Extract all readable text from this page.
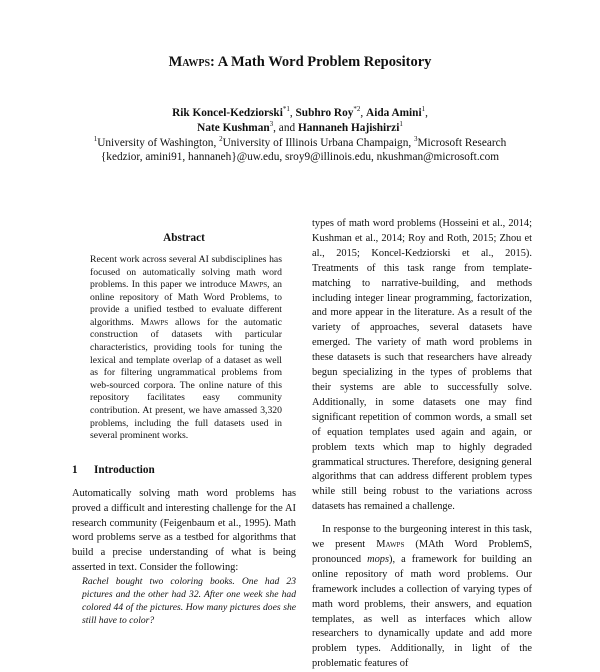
Mawps: A Math Word Problem Repository
Rik Koncel-Kedziorski$^{*1}$, Subhro Roy$^{*2}$, Aida Amini$^1$,
Nate Kushman$^3$, and Hannaneh Hajishirzi$^1$
$^1$University of Washington, $^2$University of Illinois Urbana Champaign, $^3$Microsoft Research
{kedzior, amini91, hannaneh}@uw.edu, sroy9@illinois.edu, nkushman@microsoft.com
Abstract

Recent work across several AI subdisciplines has focused on automatically solving math word problems. In this paper we introduce Mawps, an online repository of Math Word Problems, to provide a unified testbed to evaluate different algorithms. Mawps allows for the automatic construction of datasets with particular characteristics, providing tools for tuning the lexical and template overlap of a dataset as well as for filtering ungrammatical problems from web-sourced corpora. The online nature of this repository facilitates easy community contribution. At present, we have amassed 3,320 problems, including the full datasets used in several prominent works.

1 Introduction

Automatically solving math word problems has proved a difficult and interesting challenge for the AI research community (Feigenbaum et al., 1995). Math word problems serve as a testbed for algorithms that build a precise understanding of what is being asserted in text. Consider the following:

Rachel bought two coloring books. One had 23 pictures and the other had 32. After one week she had colored 44 of the pictures. How many pictures does she still have to color?

types of math word problems (Hosseini et al., 2014; Kushman et al., 2014; Roy and Roth, 2015; Zhou et al., 2015; Koncel-Kedziorski et al., 2015). Treatments of this task range from template-matching to narrative-building, and methods including integer linear programming, factorization, and more appear in the literature. As a result of the variety of approaches, several datasets have emerged. The variety of math word problems in these datasets is such that researchers have already begun specializing in the types of problems that their systems are able to successfully solve. Additionally, in some datasets one may find significant repetition of common words, a small set of equation templates used again and again, or problem texts which map to highly degraded grammatical structures. Therefore, designing general algorithms that can address different problem types while still being robust to the variations across datasets has remained a challenge.

In response to the burgeoning interest in this task, we present Mawps (MAth Word ProblemS, pronounced mops), a framework for building an online repository of math word problems. Our framework includes a collection of varying types of math word problems, their answers, and equation templates, as well as interfaces which allow researchers to dynamically update and add more problem types. Additionally, in light of the problematic features of
